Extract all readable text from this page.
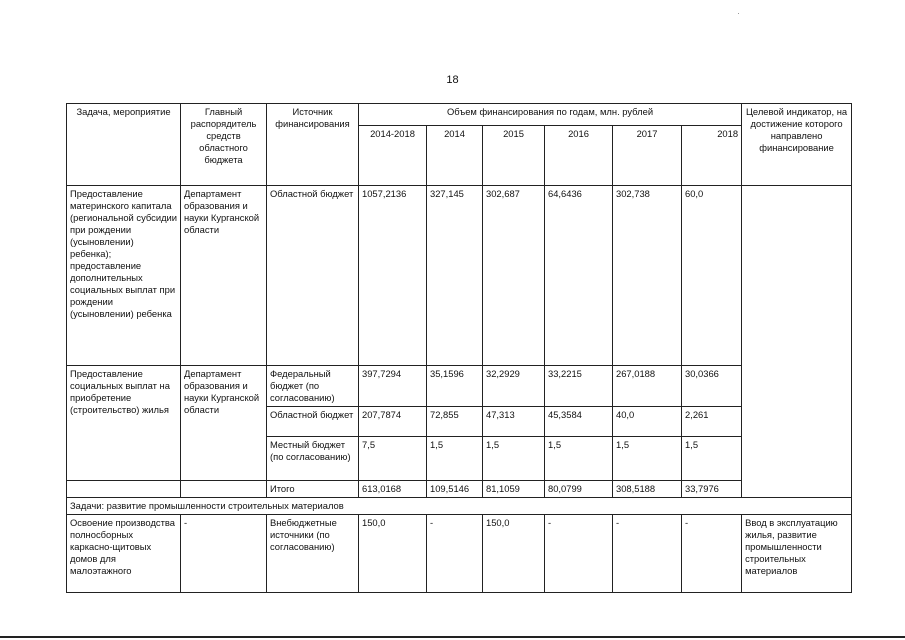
18
Задача, мероприятие	Главный распорядитель средств областного бюджета	Источник финансирования	Объем финансирования по годам, млн. рублей						Целевой индикатор, на достижение которого направлено финансирование
			2014-2018	2014	2015	2016	2017	2018	
Предоставление материнского капитала (региональной субсидии при рождении (усыновлении) ребенка); предоставление дополнительных социальных выплат при рождении (усыновлении) ребенка	Департамент образования и науки Курганской области	Областной бюджет	1057,2136	327,145	302,687	64,6436	302,738	60,0	
Предоставление социальных выплат на приобретение (строительство) жилья	Департамент образования и науки Курганской области	Федеральный бюджет (по согласованию)	397,7294	35,1596	32,2929	33,2215	267,0188	30,0366	
		Областной бюджет	207,7874	72,855	47,313	45,3584	40,0	2,261	
		Местный бюджет (по согласованию)	7,5	1,5	1,5	1,5	1,5	1,5	
		Итого	613,0168	109,5146	81,1059	80,0799	308,5188	33,7976	
Задачи: развитие промышленности строительных материалов									
Освоение производства полносборных каркасно-щитовых домов для малоэтажного	-	Внебюджетные источники (по согласованию)	150,0	-	150,0	-	-	-	Ввод в эксплуатацию жилья, развитие промышленности строительных материалов
